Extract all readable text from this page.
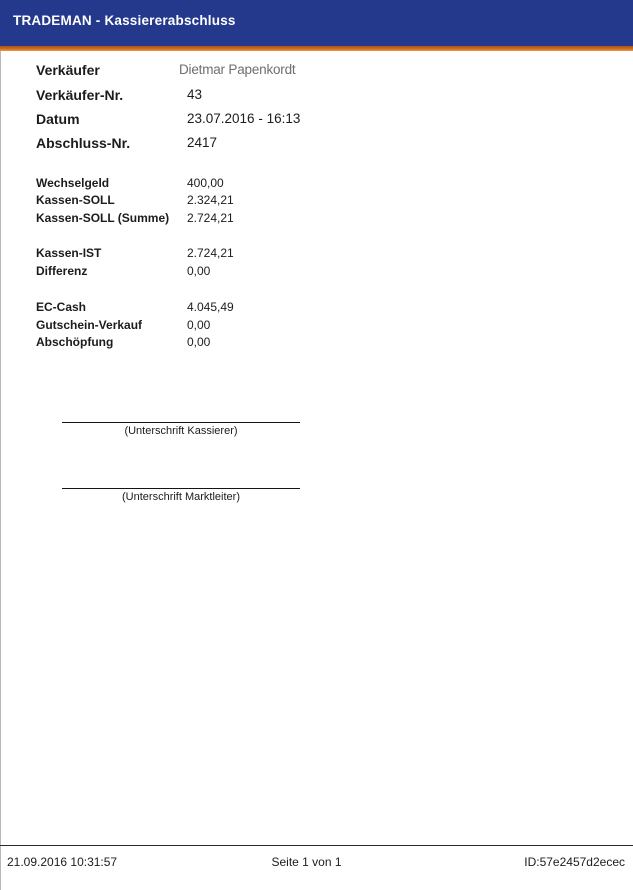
TRADEMAN - Kassiererabschluss
Verkäufer	Dietmar Papenkordt
Verkäufer-Nr.	43
Datum	23.07.2016 - 16:13
Abschluss-Nr.	2417
Wechselgeld	400,00
Kassen-SOLL	2.324,21
Kassen-SOLL (Summe) 2.724,21
Kassen-IST	2.724,21
Differenz	0,00
EC-Cash	4.045,49
Gutschein-Verkauf	0,00
Abschöpfung	0,00
(Unterschrift Kassierer)
(Unterschrift Marktleiter)
21.09.2016 10:31:57	Seite 1 von 1	ID:57e2457d2ecec
